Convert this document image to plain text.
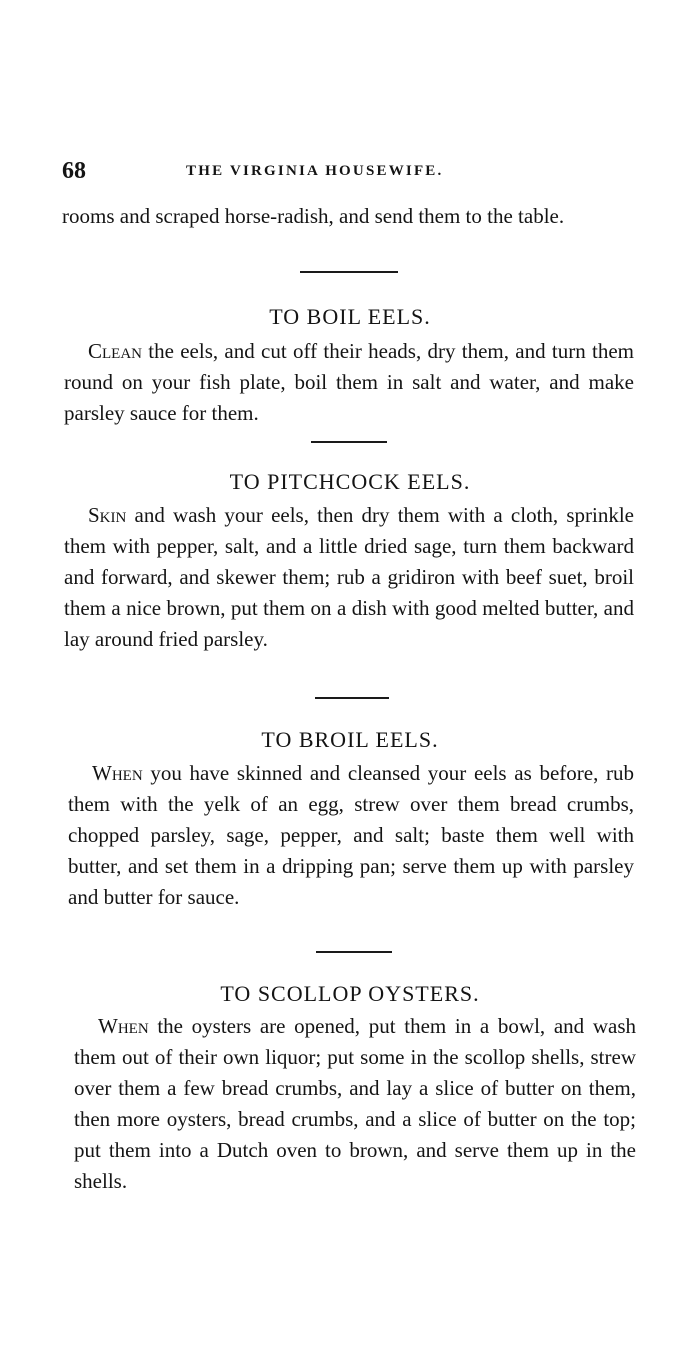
68	THE VIRGINIA HOUSEWIFE.

rooms and scraped horse-radish, and send them to the table.

TO BOIL EELS.

Clean the eels, and cut off their heads, dry them, and turn them round on your fish plate, boil them in salt and water, and make parsley sauce for them.

TO PITCHCOCK EELS.

Skin and wash your eels, then dry them with a cloth, sprinkle them with pepper, salt, and a little dried sage, turn them backward and forward, and skewer them; rub a gridiron with beef suet, broil them a nice brown, put them on a dish with good melted butter, and lay around fried parsley.

TO BROIL EELS.

When you have skinned and cleansed your eels as before, rub them with the yelk of an egg, strew over them bread crumbs, chopped parsley, sage, pepper, and salt; baste them well with butter, and set them in a dripping pan; serve them up with parsley and butter for sauce.

TO SCOLLOP OYSTERS.

When the oysters are opened, put them in a bowl, and wash them out of their own liquor; put some in the scollop shells, strew over them a few bread crumbs, and lay a slice of butter on them, then more oysters, bread crumbs, and a slice of butter on the top; put them into a Dutch oven to brown, and serve them up in the shells.
